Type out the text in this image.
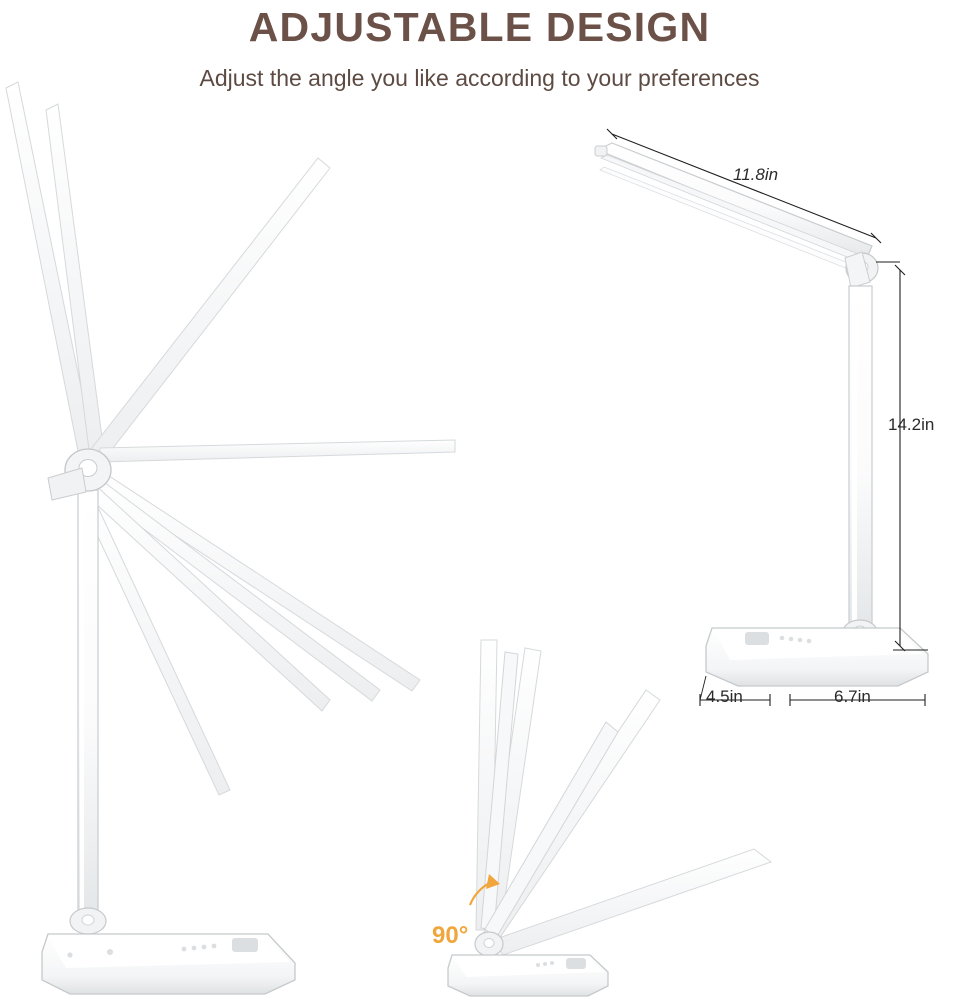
ADJUSTABLE DESIGN

Adjust the angle you like according to your preferences

11.8in
14.2in
4.5in	6.7in
90°
